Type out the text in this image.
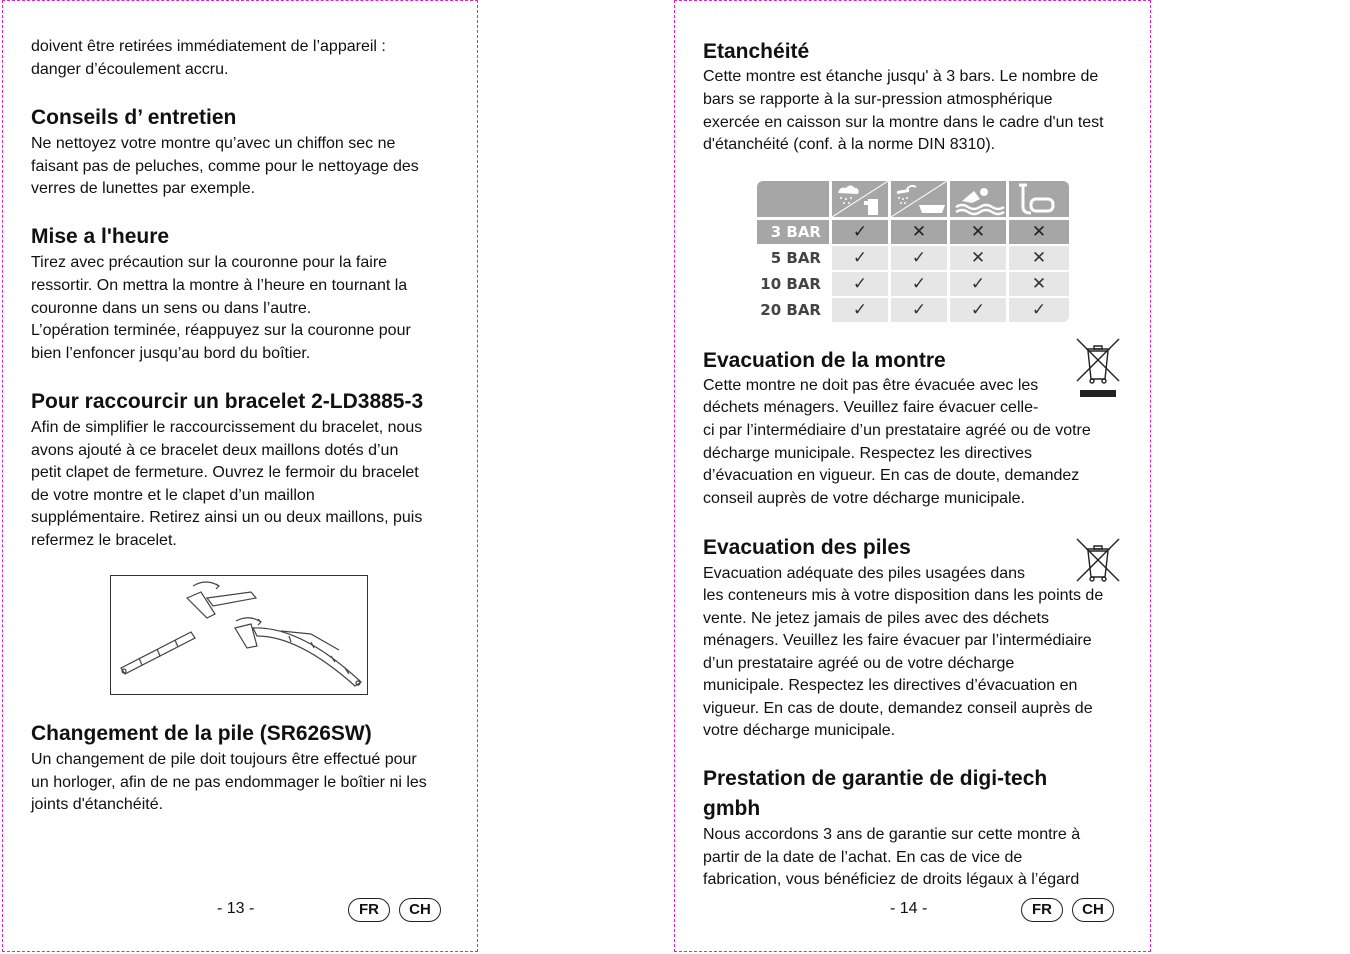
doivent être retirées immédiatement de l’appareil :

danger d’écoulement accru.

Conseils d’ entretien

Ne nettoyez votre montre qu’avec un chiffon sec ne

faisant pas de peluches, comme pour le nettoyage des

verres de lunettes par exemple.

Mise a l'heure

Tirez avec précaution sur la couronne pour la faire

ressortir. On mettra la montre à l’heure en tournant la

couronne dans un sens ou dans l’autre.

L’opération terminée, réappuyez sur la couronne pour

bien l’enfoncer jusqu’au bord du boîtier.

Pour raccourcir un bracelet 2-LD3885-3

Afin de simplifier le raccourcissement du bracelet, nous

avons ajouté à ce bracelet deux maillons dotés d’un

petit clapet de fermeture. Ouvrez le fermoir du bracelet

de votre montre et le clapet d’un maillon

supplémentaire. Retirez ainsi un ou deux maillons, puis

refermez le bracelet.

Changement de la pile (SR626SW)

Un changement de pile doit toujours être effectué pour

un horloger, afin de ne pas endommager le boîtier ni les

joints d'étanchéité.

- 13 -	FR	CH
Etanchéité

Cette montre est étanche jusqu' à 3 bars. Le nombre de

bars se rapporte à la sur-pression atmosphérique

exercée en caisson sur la montre dans le cadre d'un test

d'étanchéité (conf. à la norme DIN 8310).

3 BAR	✓	✕	✕	✕
5 BAR	✓	✓	✕	✕
10 BAR	✓	✓	✓	✕
20 BAR	✓	✓	✓	✓
Evacuation de la montre

Cette montre ne doit pas être évacuée avec les

déchets ménagers. Veuillez faire évacuer celle-

ci par l’intermédiaire d’un prestataire agréé ou de votre

décharge municipale. Respectez les directives

d’évacuation en vigueur. En cas de doute, demandez

conseil auprès de votre décharge municipale.

Evacuation des piles

Evacuation adéquate des piles usagées dans

les conteneurs mis à votre disposition dans les points de

vente. Ne jetez jamais de piles avec des déchets

ménagers. Veuillez les faire évacuer par l’intermédiaire

d’un prestataire agréé ou de votre décharge

municipale. Respectez les directives d’évacuation en

vigueur. En cas de doute, demandez conseil auprès de

votre décharge municipale.

Prestation de garantie de digi-tech
gmbh

Nous accordons 3 ans de garantie sur cette montre à

partir de la date de l’achat. En cas de vice de

fabrication, vous bénéficiez de droits légaux à l’égard

- 14 -	FR	CH
